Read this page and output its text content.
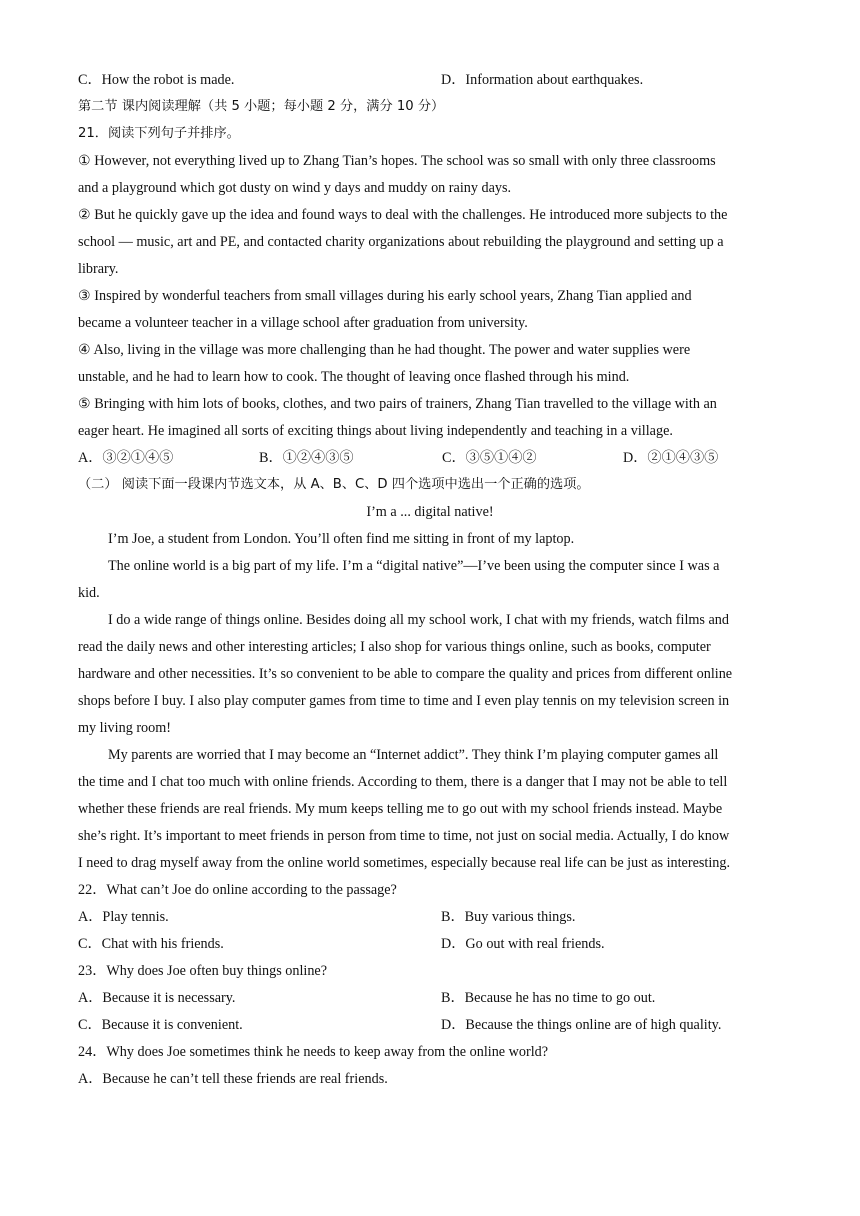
C．How the robot is made.	D．Information about earthquakes.
第二节 课内阅读理解（共 5 小题；每小题 2 分，满分 10 分）
21．阅读下列句子并排序。
① However, not everything lived up to Zhang Tian’s hopes. The school was so small with only three classrooms
and a playground which got dusty on wind y days and muddy on rainy days.
② But he quickly gave up the idea and found ways to deal with the challenges. He introduced more subjects to the
school — music, art and PE, and contacted charity organizations about rebuilding the playground and setting up a
library.
③ Inspired by wonderful teachers from small villages during his early school years, Zhang Tian applied and
became a volunteer teacher in a village school after graduation from university.
④ Also, living in the village was more challenging than he had thought. The power and water supplies were
unstable, and he had to learn how to cook. The thought of leaving once flashed through his mind.
⑤ Bringing with him lots of books, clothes, and two pairs of trainers, Zhang Tian travelled to the village with an
eager heart. He imagined all sorts of exciting things about living independently and teaching in a village.
A．③②①④⑤	B．①②④③⑤	C．③⑤①④②	D．②①④③⑤
（二） 阅读下面一段课内节选文本，从 A、B、C、D 四个选项中选出一个正确的选项。
I’m a ... digital native!
I’m Joe, a student from London. You’ll often find me sitting in front of my laptop.
The online world is a big part of my life. I’m a “digital native”—I’ve been using the computer since I was a
kid.
I do a wide range of things online. Besides doing all my school work, I chat with my friends, watch films and
read the daily news and other interesting articles; I also shop for various things online, such as books, computer
hardware and other necessities. It’s so convenient to be able to compare the quality and prices from different online
shops before I buy. I also play computer games from time to time and I even play tennis on my television screen in
my living room!
My parents are worried that I may become an “Internet addict”. They think I’m playing computer games all
the time and I chat too much with online friends. According to them, there is a danger that I may not be able to tell
whether these friends are real friends. My mum keeps telling me to go out with my school friends instead. Maybe
she’s right. It’s important to meet friends in person from time to time, not just on social media. Actually, I do know
I need to drag myself away from the online world sometimes, especially because real life can be just as interesting.
22．What can’t Joe do online according to the passage?
A．Play tennis.	B．Buy various things.
C．Chat with his friends.	D．Go out with real friends.
23．Why does Joe often buy things online?
A．Because it is necessary.	B．Because he has no time to go out.
C．Because it is convenient.	D．Because the things online are of high quality.
24．Why does Joe sometimes think he needs to keep away from the online world?
A．Because he can’t tell these friends are real friends.
